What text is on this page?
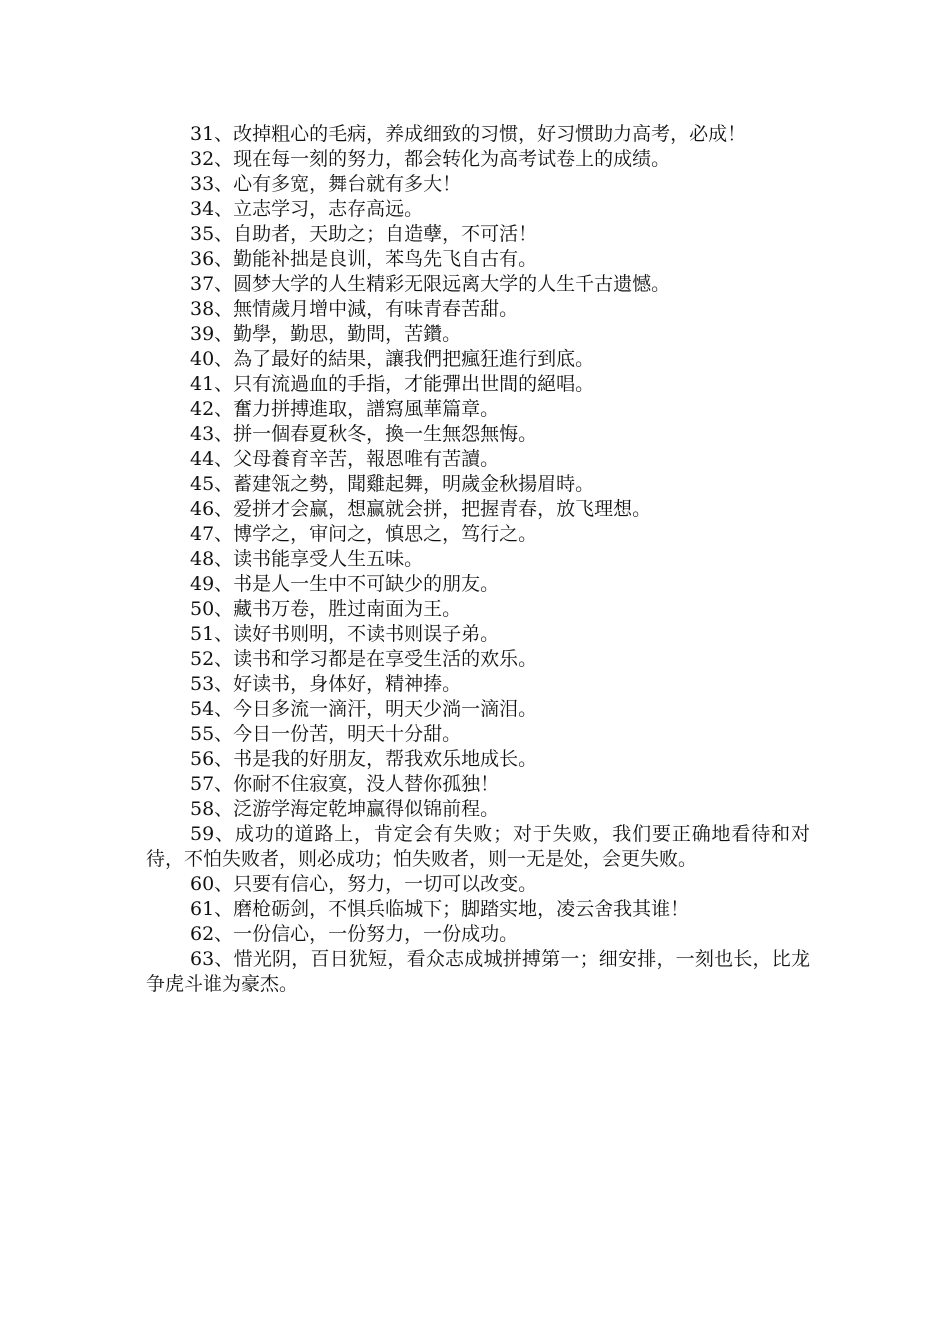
31、改掉粗心的毛病，养成细致的习惯，好习惯助力高考，必成！

32、现在每一刻的努力，都会转化为高考试卷上的成绩。

33、心有多宽，舞台就有多大！

34、立志学习，志存高远。

35、自助者，天助之；自造孽，不可活！

36、勤能补拙是良训，苯鸟先飞自古有。

37、圆梦大学的人生精彩无限远离大学的人生千古遗憾。

38、無情歲月增中減，有味青春苦甜。

39、勤學，勤思，勤問，苦鑽。

40、為了最好的結果，讓我們把瘋狂進行到底。

41、只有流過血的手指，才能彈出世間的絕唱。

42、奮力拼搏進取，譜寫風華篇章。

43、拼一個春夏秋冬，換一生無怨無悔。

44、父母養育辛苦，報恩唯有苦讀。

45、蓄建瓴之勢，聞雞起舞，明歲金秋揚眉時。

46、爱拼才会赢，想赢就会拼，把握青春，放飞理想。

47、博学之，审问之，慎思之，笃行之。

48、读书能享受人生五味。

49、书是人一生中不可缺少的朋友。

50、藏书万卷，胜过南面为王。

51、读好书则明，不读书则误子弟。

52、读书和学习都是在享受生活的欢乐。

53、好读书，身体好，精神捧。

54、今日多流一滴汗，明天少淌一滴泪。

55、今日一份苦，明天十分甜。

56、书是我的好朋友，帮我欢乐地成长。

57、你耐不住寂寞，没人替你孤独！

58、泛游学海定乾坤赢得似锦前程。

59、成功的道路上，肯定会有失败；对于失败，我们要正确地看待和对待，不怕失败者，则必成功；怕失败者，则一无是处，会更失败。

60、只要有信心，努力，一切可以改变。

61、磨枪砺剑，不惧兵临城下；脚踏实地，凌云舍我其谁！

62、一份信心，一份努力，一份成功。

63、惜光阴，百日犹短，看众志成城拼搏第一；细安排，一刻也长，比龙争虎斗谁为豪杰。
